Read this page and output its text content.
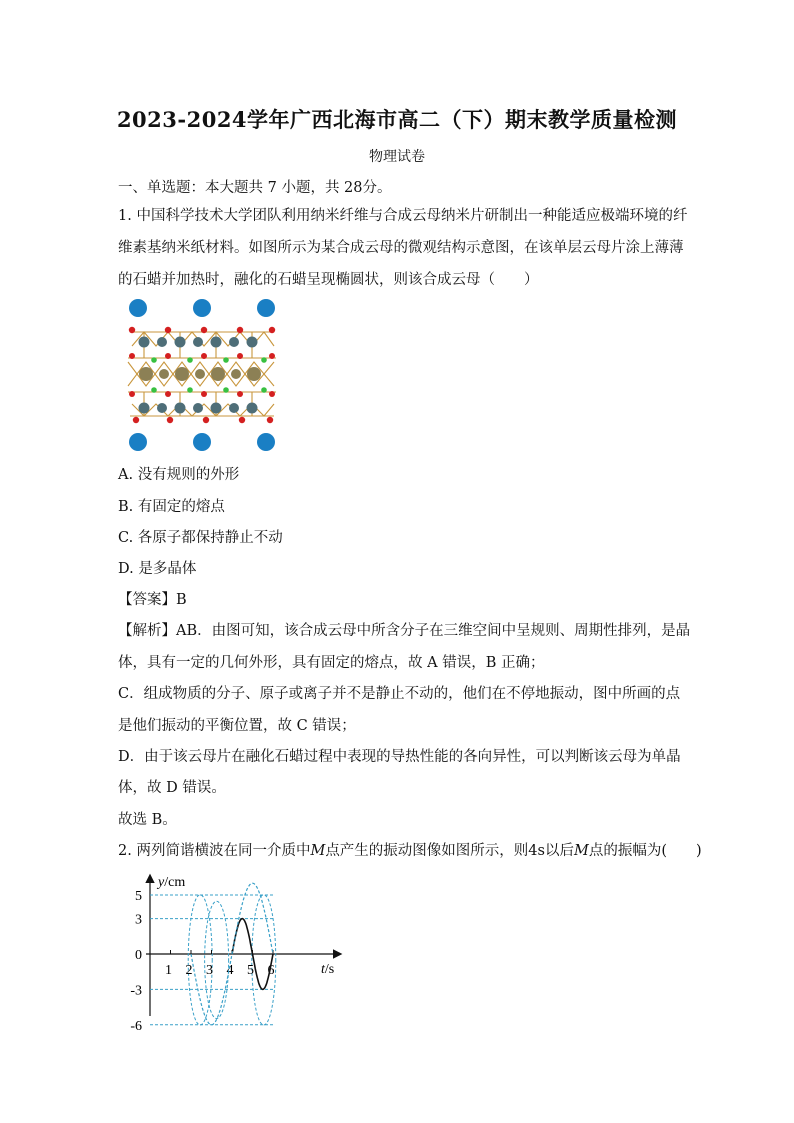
2023-2024学年广西北海市高二（下）期末教学质量检测
物理试卷
一、单选题：本大题共 7 小题，共 28分。
1. 中国科学技术大学团队利用纳米纤维与合成云母纳米片研制出一种能适应极端环境的纤
维素基纳米纸材料。如图所示为某合成云母的微观结构示意图，在该单层云母片涂上薄薄
的石蜡并加热时，融化的石蜡呈现椭圆状，则该合成云母（　　）
A. 没有规则的外形
B. 有固定的熔点
C. 各原子都保持静止不动
D. 是多晶体
【答案】B
【解析】AB．由图可知，该合成云母中所含分子在三维空间中呈规则、周期性排列，是晶
体，具有一定的几何外形，具有固定的熔点，故 A 错误，B 正确；
C．组成物质的分子、原子或离子并不是静止不动的，他们在不停地振动，图中所画的点
是他们振动的平衡位置，故 C 错误；
D．由于该云母片在融化石蜡过程中表现的导热性能的各向异性，可以判断该云母为单晶
体，故 D 错误。
故选 B。
2. 两列简谐横波在同一介质中M点产生的振动图像如图所示，则4s以后M点的振幅为(　　)
y/cm
t/s
5
3
0
-3
-6
1 2 3 4 5 6
